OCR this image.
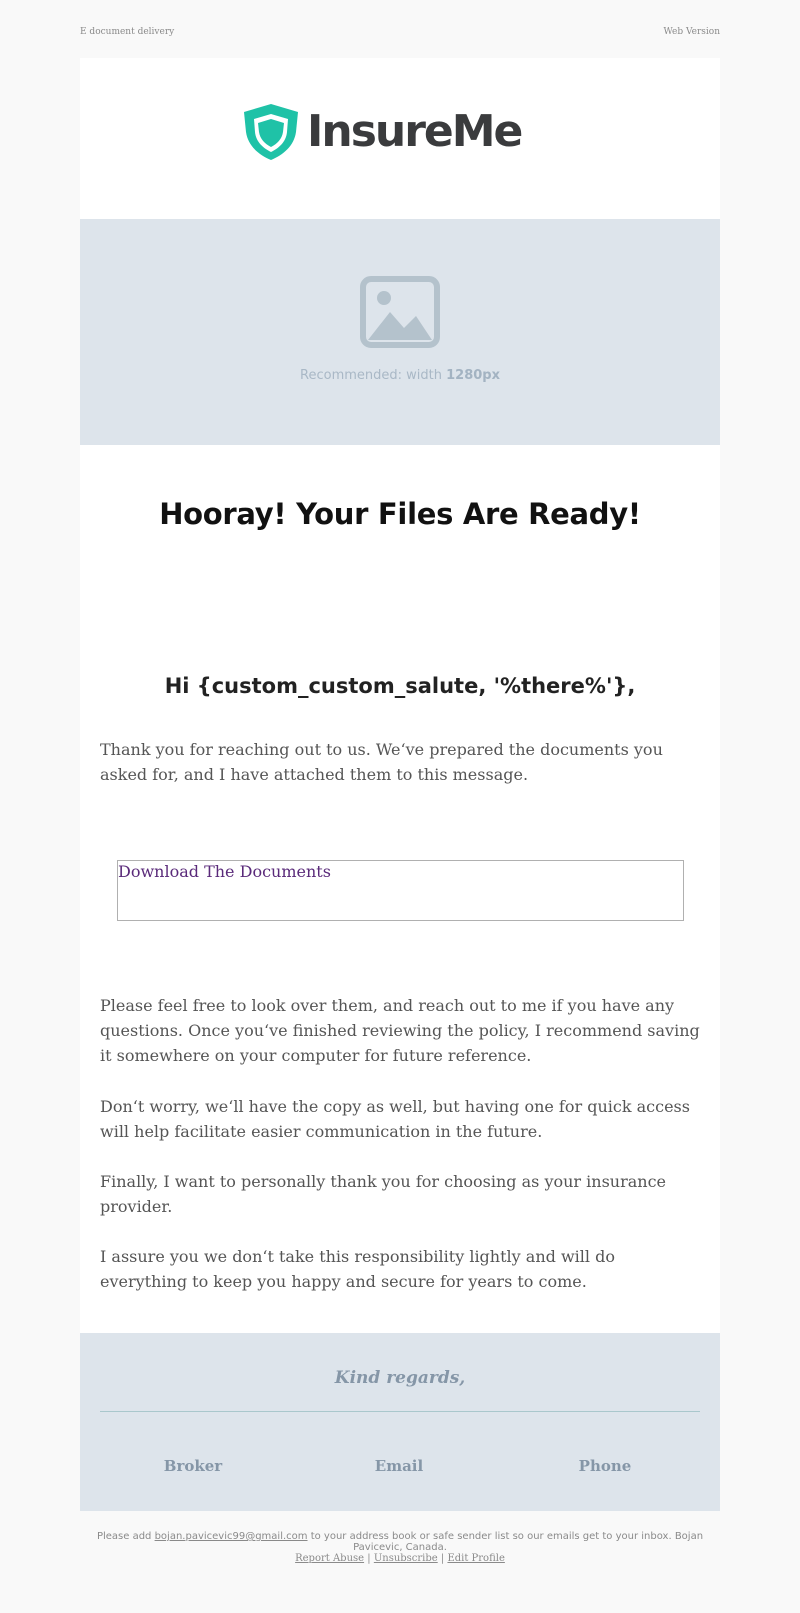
E document delivery	Web Version
InsureMe
Recommended: width 1280px
Hooray! Your Files Are Ready!
Hi {custom_custom_salute, '%there%'},

Thank you for reaching out to us. We‘ve prepared the documents you asked for, and I have attached them to this message.

Download The Documents

Please feel free to look over them, and reach out to me if you have any questions. Once you‘ve finished reviewing the policy, I recommend saving it somewhere on your computer for future reference.

Don‘t worry, we‘ll have the copy as well, but having one for quick access will help facilitate easier communication in the future.

Finally, I want to personally thank you for choosing as your insurance provider.

I assure you we don‘t take this responsibility lightly and will do everything to keep you happy and secure for years to come.

Kind regards,
Broker	Email	Phone
Please add bojan.pavicevic99@gmail.com to your address book or safe sender list so our emails get to your inbox. Bojan Pavicevic, Canada.
Report Abuse | Unsubscribe | Edit Profile
